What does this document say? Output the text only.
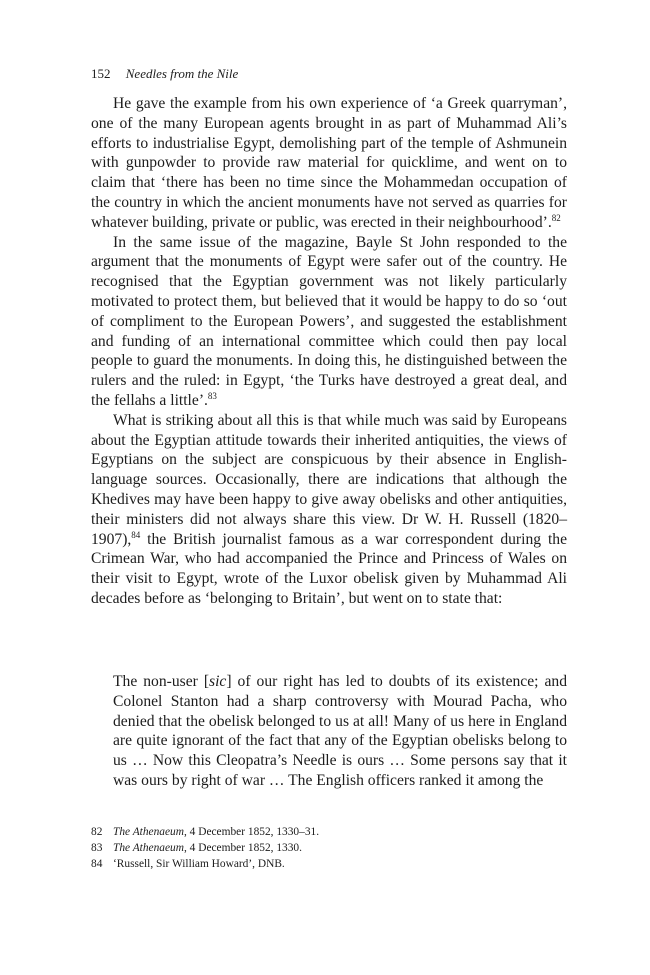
152 Needles from the Nile

He gave the example from his own experience of ‘a Greek quarryman’, one of the many European agents brought in as part of Muhammad Ali’s efforts to industrialise Egypt, demolishing part of the temple of Ashmunein with gunpowder to provide raw material for quicklime, and went on to claim that ‘there has been no time since the Mohammedan occupation of the country in which the ancient monuments have not served as quarries for whatever building, private or public, was erected in their neighbourhood’.$^{82}$

In the same issue of the magazine, Bayle St John responded to the argument that the monuments of Egypt were safer out of the country. He recognised that the Egyptian government was not likely particularly motivated to protect them, but believed that it would be happy to do so ‘out of compliment to the European Powers’, and suggested the establishment and funding of an international committee which could then pay local people to guard the monuments. In doing this, he distinguished between the rulers and the ruled: in Egypt, ‘the Turks have destroyed a great deal, and the fellahs a little’.$^{83}$

What is striking about all this is that while much was said by Europeans about the Egyptian attitude towards their inherited antiquities, the views of Egyptians on the subject are conspicuous by their absence in English-language sources. Occasionally, there are indications that although the Khedives may have been happy to give away obelisks and other antiquities, their ministers did not always share this view. Dr W. H. Russell (1820–1907),$^{84}$ the British journalist famous as a war correspondent during the Crimean War, who had accompanied the Prince and Princess of Wales on their visit to Egypt, wrote of the Luxor obelisk given by Muhammad Ali decades before as ‘belonging to Britain’, but went on to state that:

The non-user [sic] of our right has led to doubts of its existence; and Colonel Stanton had a sharp controversy with Mourad Pacha, who denied that the obelisk belonged to us at all! Many of us here in England are quite ignorant of the fact that any of the Egyptian obelisks belong to us … Now this Cleopatra’s Needle is ours … Some persons say that it was ours by right of war … The English officers ranked it among the

82 The Athenaeum, 4 December 1852, 1330–31.
83 The Athenaeum, 4 December 1852, 1330.
84 ‘Russell, Sir William Howard’, DNB.
